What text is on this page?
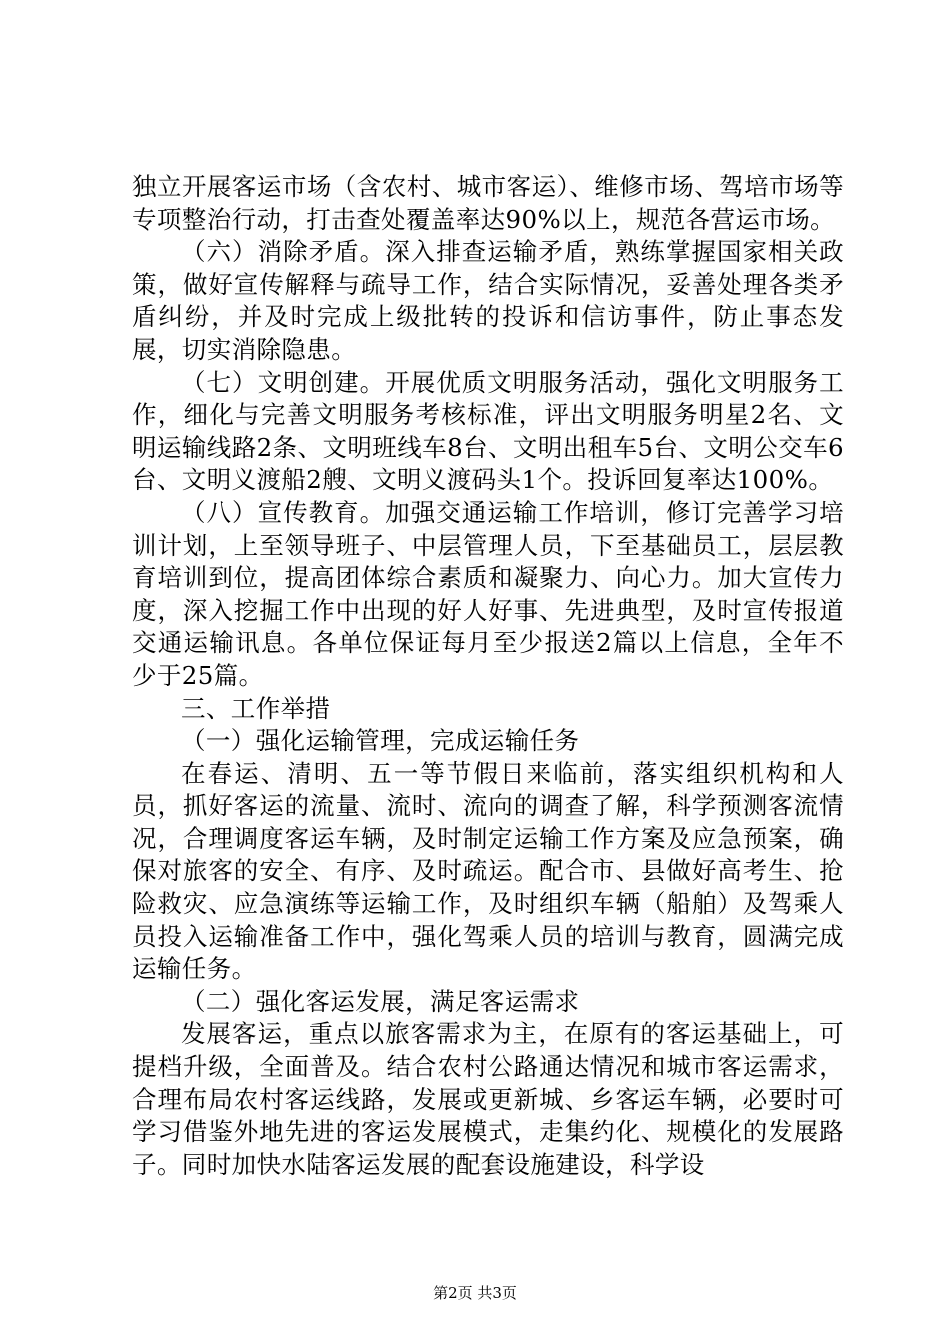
独立开展客运市场（含农村、城市客运）、维修市场、驾培市场等专项整治行动，打击查处覆盖率达90%以上，规范各营运市场。

（六）消除矛盾。深入排查运输矛盾，熟练掌握国家相关政策，做好宣传解释与疏导工作，结合实际情况，妥善处理各类矛盾纠纷，并及时完成上级批转的投诉和信访事件，防止事态发展，切实消除隐患。

（七）文明创建。开展优质文明服务活动，强化文明服务工作，细化与完善文明服务考核标准，评出文明服务明星2名、文明运输线路2条、文明班线车8台、文明出租车5台、文明公交车6台、文明义渡船2艘、文明义渡码头1个。投诉回复率达100%。

（八）宣传教育。加强交通运输工作培训，修订完善学习培训计划，上至领导班子、中层管理人员，下至基础员工，层层教育培训到位，提高团体综合素质和凝聚力、向心力。加大宣传力度，深入挖掘工作中出现的好人好事、先进典型，及时宣传报道交通运输讯息。各单位保证每月至少报送2篇以上信息，全年不少于25篇。

三、工作举措

（一）强化运输管理，完成运输任务

在春运、清明、五一等节假日来临前，落实组织机构和人员，抓好客运的流量、流时、流向的调查了解，科学预测客流情况，合理调度客运车辆，及时制定运输工作方案及应急预案，确保对旅客的安全、有序、及时疏运。配合市、县做好高考生、抢险救灾、应急演练等运输工作，及时组织车辆（船舶）及驾乘人员投入运输准备工作中，强化驾乘人员的培训与教育，圆满完成运输任务。

（二）强化客运发展，满足客运需求

发展客运，重点以旅客需求为主，在原有的客运基础上，可提档升级，全面普及。结合农村公路通达情况和城市客运需求，合理布局农村客运线路，发展或更新城、乡客运车辆，必要时可学习借鉴外地先进的客运发展模式，走集约化、规模化的发展路子。同时加快水陆客运发展的配套设施建设，科学设

第2页 共3页
